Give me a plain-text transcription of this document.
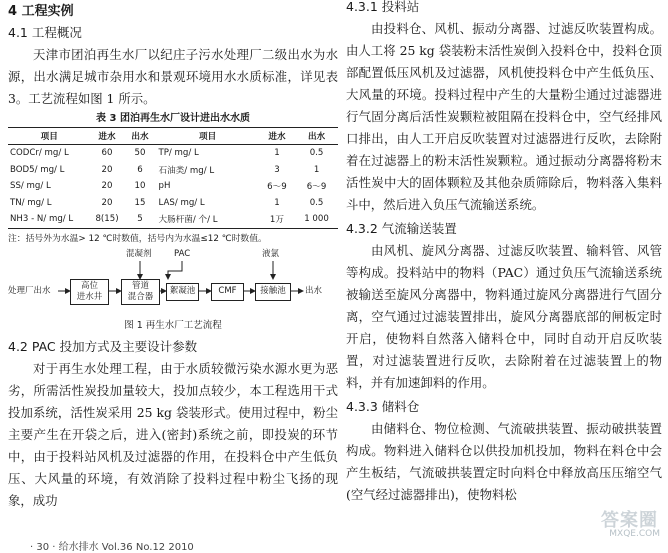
4 工程实例
4.1 工程概况

天津市团泊再生水厂以纪庄子污水处理厂二级出水为水源，出水满足城市杂用水和景观环境用水水质标准，详见表 3。工艺流程如图 1 所示。

表 3 团泊再生水厂设计进出水水质
项目	进水	出水	项目	进水	出水
CODCr/ mg/ L	60	50	TP/ mg/ L	1	0.5
BOD5/ mg/ L	20	6	石油类/ mg/ L	3	1
SS/ mg/ L	20	10	pH	6～9	6～9
TN/ mg/ L	20	15	LAS/ mg/ L	1	0.5
NH3 - N/ mg/ L	8(15)	5	大肠杆菌/ 个/ L	1万	1 000
注：括号外为水温> 12 ℃时数值，括号内为水温≤12 ℃时数值。
处理厂出水	高位
进水井
管道
混合器
絮凝池	CMF	接触池	出水
混凝剂	PAC	液氯
图 1 再生水厂工艺流程
4.2 PAC 投加方式及主要设计参数

对于再生水处理工程，由于水质较微污染水源水更为恶劣，所需活性炭投加量较大，投加点较少，本工程选用干式投加系统，活性炭采用 25 kg 袋装形式。使用过程中，粉尘主要产生在开袋之后，进入(密封)系统之前，即投炭的环节中，由于投料站风机及过滤器的作用，在投料仓中产生低负压、大风量的环境，有效消除了投料过程中粉尘飞扬的现象，成功

4.3.1 投料站

由投料仓、风机、振动分离器、过滤反吹装置构成。由人工将 25 kg 袋装粉末活性炭倒入投料仓中，投料仓顶部配置低压风机及过滤器，风机使投料仓中产生低负压、大风量的环境。投料过程中产生的大量粉尘通过过滤器进行气固分离后活性炭颗粒被阻隔在投料仓中，空气经排风口排出，由人工开启反吹装置对过滤器进行反吹，去除附着在过滤器上的粉末活性炭颗粒。通过振动分离器将粉末活性炭中大的固体颗粒及其他杂质筛除后，物料落入集料斗中，然后进入负压气流输送系统。

4.3.2 气流输送装置

由风机、旋风分离器、过滤反吹装置、输料管、风管等构成。投料站中的物料（PAC）通过负压气流输送系统被输送至旋风分离器中，物料通过旋风分离器进行气固分离，空气通过过滤装置排出，旋风分离器底部的闸板定时开启，使物料自然落入储料仓中，同时自动开启反吹装置，对过滤装置进行反吹，去除附着在过滤装置上的物料，并有加速卸料的作用。

4.3.3 储料仓

由储料仓、物位检测、气流破拱装置、振动破拱装置构成。物料进入储料仓以供投加机投加，物料在料仓中会产生板结，气流破拱装置定时向料仓中释放高压压缩空气(空气经过滤器排出)，使物料松

· 30 · 给水排水 Vol.36 No.12 2010
答案圈
MXQE.COM
